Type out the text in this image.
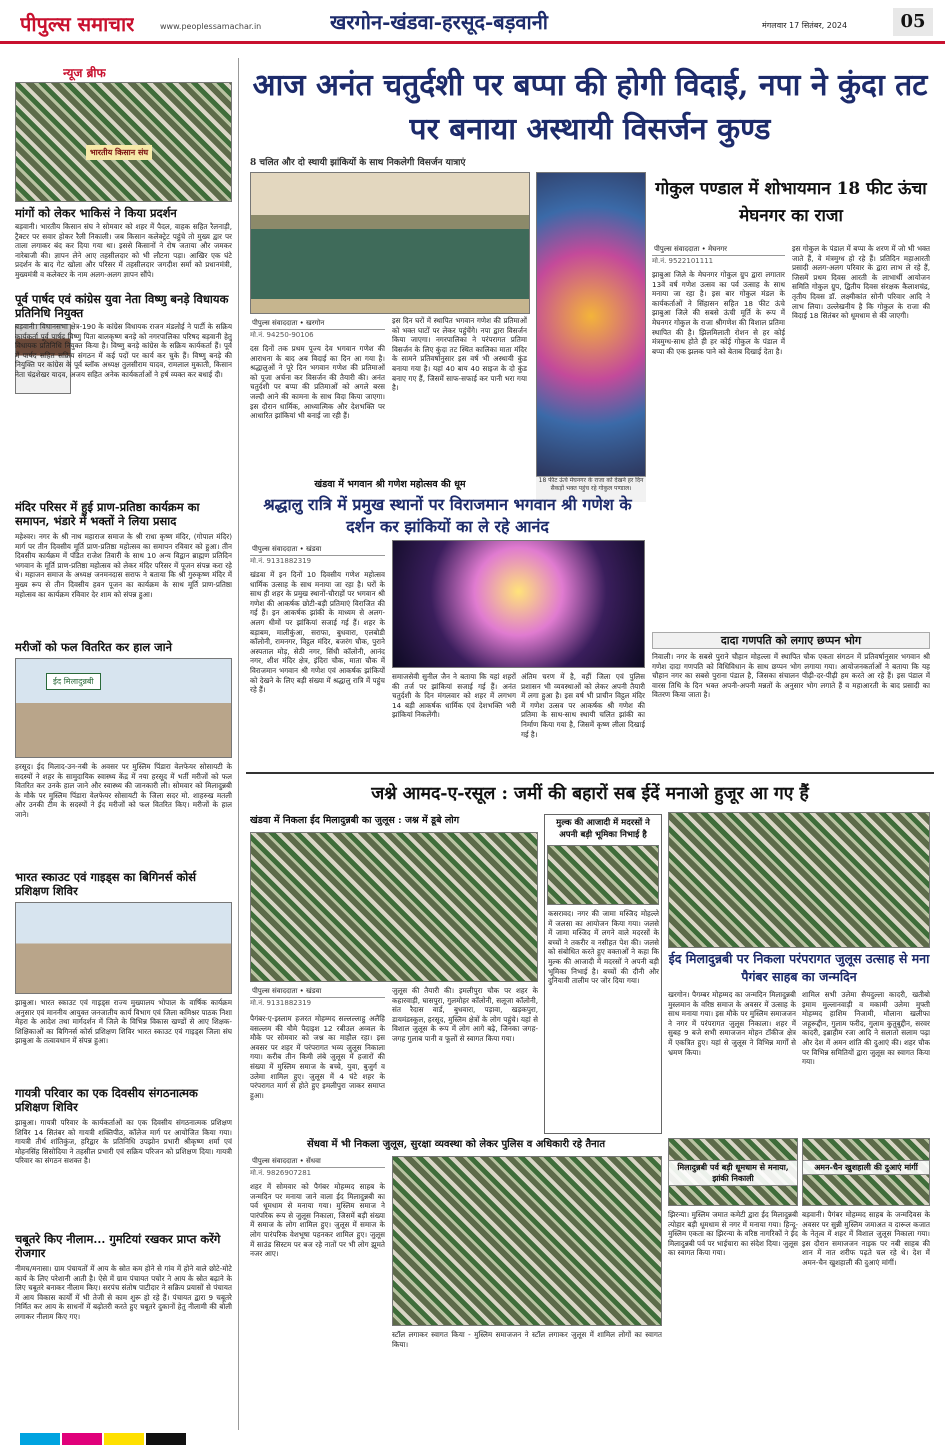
पीपुल्स समाचार	www.peoplessamachar.in	खरगोन-खंडवा-हरसूद-बड़वानी	मंगलवार 17 सितंबर, 2024	05
न्यूज ब्रीफ
भारतीय किसान संघ
मांगों को लेकर भाकिसं ने किया प्रदर्शन
बड़वानी। भारतीय किसान संघ ने सोमवार को शहर में पैदल, वाहक सहित रैलनाड़ी, ट्रैक्टर पर सवार होकर रैली निकाली। जब किसान कलेक्ट्रेट पहुंचे तो मुख्य द्वार पर ताला लगाकर बंद कर दिया गया था। इससे किसानों ने रोष जताया और जमकर नारेबाजी की। ज्ञापन लेने आए तहसीलदार को भी लौटना पड़ा। आखिर एक घंटे प्रदर्शन के बाद गेट खोला और परिसर में तहसीलदार जगदीश सर्मा को प्रधानमंत्री, मुख्यमंत्री व कलेक्टर के नाम अलग-अलग ज्ञापन सौंपे।
पूर्व पार्षद एवं कांग्रेस युवा नेता विष्णु बनड़े विधायक प्रतिनिधि नियुक्त
बड़वानी। विधानसभा क्षेत्र-190 के कांग्रेस विधायक राजन मंडलोई ने पार्टी के सक्रिय कार्यकर्ता पूर्व पार्षद विष्णु पिता बालकृष्ण बनड़े को नगरपालिका परिषद बड़वानी हेतु विधायक प्रतिनिधि नियुक्त किया है। विष्णु बनड़े कांग्रेस के सक्रिय कार्यकर्ता हैं। पूर्व में पार्षद सहित सक्रिय संगठन में कई पदों पर कार्य कर चुके हैं। विष्णु बनड़े की नियुक्ति पर कांग्रेस के पूर्व ब्लॉक अध्यक्ष तुलसीराम यादव, रामलाल मुकाती, किसान नेता चंद्रशेखर यादव, अजय सहित अनेक कार्यकर्ताओं ने हर्ष व्यक्त कर बधाई दी।
मंदिर परिसर में हुई प्राण-प्रतिष्ठा कार्यक्रम का समापन, भंडारे में भक्तों ने लिया प्रसाद
महेश्वर। नगर के श्री नाथ महाराज समाज के श्री राधा कृष्ण मंदिर, (गोपाल मंदिर) मार्ग पर तीन दिवसीय मूर्ति प्राण-प्रतिष्ठा महोत्सव का समापन रविवार को हुआ। तीन दिवसीय कार्यक्रम में पंडित राजेश तिवारी के साथ 10 अन्य विद्वान ब्राह्मण प्रतिदिन भगवान के मूर्ति प्राण-प्रतिष्ठा महोत्सव को लेकर मंदिर परिसर में पूजन संपन्न करा रहे थे। महाजन समाज के अध्यक्ष जनमनदास सराफ ने बताया कि श्री गुरुकृष्ण मंदिर में मुख्य रूप से तीन दिवसीय हवन पूजन का कार्यक्रम के साथ मूर्ति प्राण-प्रतिष्ठा महोत्सव का कार्यक्रम रविवार देर शाम को संपन्न हुआ।
मरीजों को फल वितरित कर हाल जाने
ईद मिलादुन्नबी
हरसूद। ईद मिलाद-उन-नबी के अवसर पर मुस्लिम पिंडारा वेलफेयर सोसायटी के सदस्यों ने शहर के सामुदायिक स्वास्थ्य केंद्र में नया हरसूद में भर्ती मरीजों को फल वितरित कर उनके हाल जाने और स्वास्थ्य की जानकारी ली। सोमवार को मिलादुन्नबी के मौके पर मुस्लिम पिंडारा वेलफेयर सोसायटी के जिला सदर मो. शाहरुख मतली और उनकी टीम के सदस्यों ने ईद मरीजों को फल वितरित किए। मरीजों के हाल जाने।
भारत स्काउट एवं गाइड्स का बिगिनर्स कोर्स प्रशिक्षण शिविर
झाबुआ। भारत स्काउट एवं गाइड्स राज्य मुख्यालय भोपाल के वार्षिक कार्यक्रम अनुसार एवं माननीय आयुक्त जनजातीय कार्य विभाग एवं जिला कमिश्नर पाठक निशा मेहरा के आदेश तथा मार्गदर्शन में जिले के विभिन्न विकास खण्डों से आए शिक्षक-शिक्षिकाओं का बिगिनर्स कोर्स प्रशिक्षण शिविर भारत स्काउट एवं गाइड्स जिला संघ झाबुआ के तत्वावधान में संपन्न हुआ।
गायत्री परिवार का एक दिवसीय संगठनात्मक प्रशिक्षण शिविर
झाबुआ। गायत्री परिवार के कार्यकर्ताओं का एक दिवसीय संगठनात्मक प्रशिक्षण शिविर 14 सितंबर को गायत्री शक्तिपीठ, कॉलेज मार्ग पर आयोजित किया गया। गायत्री तीर्थ शांतिकुंज, हरिद्वार के प्रतिनिधि उपझोन प्रभारी श्रीकृष्ण शर्मा एवं मोहनसिंह सिसोदिया ने तहसील प्रभारी एवं सक्रिय परिजन को प्रशिक्षण दिया। गायत्री परिवार का संगठन सशक्त है।
चबूतरे किए नीलाम... गुमटियां रखकर प्राप्त करेंगे रोजगार
नीमच/मनासा। ग्राम पंचायतों में आय के स्रोत कम होने से गांव में होने वाले छोटे-मोटे कार्य के लिए परेशानी आती है। ऐसे में ग्राम पंचायत पचोर ने आय के स्रोत बढ़ाने के लिए चबूतरे बनाकर नीलाम किए। सरपंच संतोष पाटीदार ने सक्रिय प्रयासों से पंचायत में आय विकास कार्यों में भी तेजी से काम शुरू हो रहे हैं। पंचायत द्वारा 9 चबूतरे निर्मित कर आय के साधनों में बढ़ोतरी करते हुए चबूतरे दुकानों हेतु नीलामी की बोली लगाकर नीलाम किए गए।
आज अनंत चतुर्दशी पर बप्पा की होगी विदाई, नपा ने कुंदा तट पर बनाया अस्थायी विसर्जन कुण्ड
8 चलित और दो स्थायी झांकियों के साथ निकलेगी विसर्जन यात्राएं
पीपुल्स संवाददाता • खरगोन
मो.नं. 94250-90106
दस दिनों तक प्रथम पूज्य देव भगवान गणेश की आराधना के बाद अब विदाई का दिन आ गया है। श्रद्धालुओं ने पूरे दिन भगवान गणेश की प्रतिमाओं को पूजा अर्चना कर विसर्जन की तैयारी की। अनंत चतुर्दशी पर बप्पा की प्रतिमाओं को अगले बरस जल्दी आने की कामना के साथ विदा किया जाएगा। इस दौरान धार्मिक, आध्यात्मिक और देशभक्ति पर आधारित झांकियां भी बनाई जा रही हैं।
इस दिन घरों में स्थापित भगवान गणेश की प्रतिमाओं को भक्त घाटों पर लेकर पहुंचेंगे। नपा द्वारा विसर्जन किया जाएगा। नगरपालिका ने परंपरागत प्रतिमा विसर्जन के लिए कुंदा तट स्थित कालिका माता मंदिर के सामने प्रतिवर्षानुसार इस वर्ष भी अस्थायी कुंड बनाया गया है। यहां 40 बाय 40 साइज के दो कुंड बनाए गए हैं, जिसमें साफ-सफाई कर पानी भरा गया है।
18 फीट ऊंचे मेघनगर के राजा को देखने हर दिन सैकड़ों भक्त पहुंच रहे गोकुल पण्डाल।
गोकुल पण्डाल में शोभायमान 18 फीट ऊंचा मेघनगर का राजा
पीपुल्स संवाददाता • मेघनगर
मो.नं. 9522101111
झाबुआ जिले के मेघनगर गोकुल ग्रुप द्वारा लगातार 13वें वर्ष गणेश उत्सव का पर्व उत्साह के साथ मनाया जा रहा है। इस बार गोकुल मंडल के कार्यकर्ताओं ने सिंहासन सहित 18 फीट ऊंचे झाबुआ जिले की सबसे ऊंची मूर्ति के रूप में मेघनगर गोकुल के राजा श्रीगणेश की विशाल प्रतिमा स्थापित की है। झिलमिलाती रोशन से हर कोई मंत्रमुग्ध-साथ होते ही हर कोई गोकुल के पंडाल में बप्पा की एक झलक पाने को बेताब दिखाई देता है।
इस गोकुल के पंडाल में बप्पा के शरण में जो भी भक्त जाते हैं, वे मंत्रमुग्ध हो रहे हैं। प्रतिदिन महाआरती प्रसादी अलग-अलग परिवार के द्वारा लाभ ले रहे हैं, जिसमें प्रथम दिवस आरती के लाभार्थी आयोजन समिति गोकुल ग्रुप, द्वितीय दिवस संरक्षक कैलाशचंद्र, तृतीय दिवस डॉ. लक्ष्मीकांत सोनी परिवार आदि ने लाभ लिया। उल्लेखनीय है कि गोकुल के राजा की विदाई 18 सितंबर को धूमधाम से की जाएगी।
खंडवा में भगवान श्री गणेश महोत्सव की धूम
श्रद्धालु रात्रि में प्रमुख स्थानों पर विराजमान भगवान श्री गणेश के दर्शन कर झांकियों का ले रहे आनंद
पीपुल्स संवाददाता • खंडवा
मो.नं. 9131882319
खंडवा में इन दिनों 10 दिवसीय गणेश महोत्सव धार्मिक उत्साह के साथ मनाया जा रहा है। घरों के साथ ही शहर के प्रमुख स्थानों-चौराहों पर भगवान श्री गणेश की आकर्षक छोटी-बड़ी प्रतिमाएं विराजित की गई हैं। इन आकर्षक झांकी के माध्यम से अलग-अलग धीमों पर झांकियां सजाई गई हैं। शहर के बड़ाबम, मालीकुंआ, सराफा, बुधवारा, एलबोडी कॉलोनी, रामनगर, विट्ठल मंदिर, बजरंग चौक, पुराने अस्पताल मोड़, सेठी नगर, सिंधी कॉलोनी, आनंद नगर, शीश मंदिर क्षेत्र, इंदिरा चौक, माता चौक में विराजमान भगवान श्री गणेश एवं आकर्षक झांकियों को देखने के लिए बड़ी संख्या में श्रद्धालु रात्रि में पहुंच रहे हैं।
समाजसेवी सुनील जैन ने बताया कि यहां शहरों की तर्ज पर झांकियां सजाई गई हैं। अनंत चतुर्दशी के दिन मंगलवार को शहर में लगभग 14 बड़ी आकर्षक धार्मिक एवं देशभक्ति भरी झांकियां निकलेंगी।
अंतिम चरण में है, वहीं जिला एवं पुलिस प्रशासन भी व्यवस्थाओं को लेकर अपनी तैयारी में लगा हुआ है। इस वर्ष भी प्राचीन विट्ठल मंदिर में गणेश उत्सव पर आकर्षक श्री गणेश की प्रतिमा के साथ-साथ स्थायी चलित झांकी का निर्माण किया गया है, जिसमें कृष्ण लीला दिखाई गई है।
दादा गणपति को लगाए छप्पन भोग
निवाली। नगर के सबसे पुराने चौहान मोहल्ला में स्थापित चौक एकता संगठन में प्रतिवर्षानुसार भगवान श्री गणेश दादा गणपति को विधिविधान के साथ छप्पन भोग लगाया गया। आयोजनकर्ताओं ने बताया कि यह चौहान नगर का सबसे पुराना पंडाल है, जिसका संचालन पीढ़ी-दर-पीढ़ी हम करते आ रहे हैं। इस पंडाल में वारस तिथि के दिन भक्त अपनी-अपनी मन्नतों के अनुसार भोग लगाते हैं व महाआरती के बाद प्रसादी का वितरण किया जाता है।
जश्ने आमद-ए-रसूल : जमीं की बहारों सब ईदें मनाओ हुजूर आ गए हैं
खंडवा में निकला ईद मिलादुन्नबी का जुलूस : जश्न में डूबे लोग
पीपुल्स संवाददाता • खंडवा
मो.नं. 9131882319
पैगंबर-ए-इस्लाम हजरत मोहम्मद सल्लल्लाहु अलैहि वसल्लम की यौमे पैदाइश 12 रबीउल अव्वल के मौके पर सोमवार को जश्न का माहौल रहा। इस अवसर पर शहर में परंपरागत भव्य जुलूस निकाला गया। करीब तीन किमी लंबे जुलूस में हजारों की संख्या में मुस्लिम समाज के बच्चे, युवा, बुजुर्ग व उलेमा शामिल हुए। जुलूस में 4 घंटे शहर के परंपरागत मार्ग से होते हुए इमलीपुरा जाकर समाप्त हुआ।
जुलूस की तैयारी की। इमलीपुरा चौक पर शहर के कहारवाड़ी, घासपुरा, गुलमोहर कॉलोनी, सलूजा कॉलोनी, संत रैदास वार्ड, बुधवारा, पड़ावा, खड़कपुरा, डायमंडस्कूल, हरसूद, मुस्लिम क्षेत्रों के लोग पहुंचे। यहां से विशाल जुलूस के रूप में लोग आगे बढ़े, जिनका जगह-जगह गुलाब पानी व फूलों से स्वागत किया गया।
मुल्क की आजादी में मदरसों ने अपनी बड़ी भूमिका निभाई है
कसरावद। नगर की जामा मस्जिद मोहल्ले में जलसा का आयोजन किया गया। जलसे में जामा मस्जिद में लगने वाले मदरसों के बच्चों ने तकरीर व नसीहत पेश की। जलसे को संबोधित करते हुए वक्ताओं ने कहा कि मुल्क की आजादी में मदरसों ने अपनी बड़ी भूमिका निभाई है। बच्चों की दीनी और दुनियावी तालीम पर जोर दिया गया।
ईद मिलादुन्नबी पर निकला परंपरागत जुलूस उत्साह से मना पैगंबर साहब का जन्मदिन
खरगोन। पैगम्बर मोहम्मद का जन्मदिन मिलादुन्नबी मुस्लमान के वरिष्ठ समाज के अवसर में उत्साह के साथ मनाया गया। इस मौके पर मुस्लिम समाजजन ने नगर में परंपरागत जुलूस निकाला। शहर में सुबह 9 बजे सभी समाजजन मोहन टॉकीज क्षेत्र में एकत्रित हुए। यहां से जुलूस ने विभिन्न मार्गों से भ्रमण किया।
शामिल सभी उलेमा सैयदुल्ला कादरी, खतीबो इमाम मुल्लानवाड़ी व मकामी उलेमा मुफ्ती मोहम्मद हाशिम निजामी, मौलाना खलीफा जहूरूद्दीन, गुलाम फरीद, गुलाम कुतुबुद्दीन, सरवर कादरी, इब्राहीम रजा आदि ने सलातो सलाम पढ़ा और देश में अमन शांति की दुआएं की। शहर चौक पर विभिन्न समितियों द्वारा जुलूस का स्वागत किया गया।
मिलादुन्नबी पर्व बड़ी धूमधाम से मनाया, झांकी निकाली
अमन-चैन खुशहाली की दुआएं मांगीं
झिरन्या। मुस्लिम जमात कमेटी द्वारा ईद मिलादुन्नबी त्योहार बड़ी धूमधाम से नगर में मनाया गया। हिन्दू-मुस्लिम एकता का झिरन्या के वरिष्ठ नागरिकों ने ईद मिलादुन्नबी पर्व पर भाईचारा का संदेश दिया। जुलूस का स्वागत किया गया।
बड़वानी। पैगंबर मोहम्मद साहब के जन्मदिवस के अवसर पर सुन्नी मुस्लिम जमाअत व दारूल कजात के नेतृत्व में शहर में विशाल जुलूस निकाला गया। इस दौरान समाजजन नाइक पर नबी साहब की शान में नात शरीफ पढ़ते चल रहे थे। देश में अमन-चैन खुशहाली की दुआएं मांगीं।
सेंधवा में भी निकला जुलूस, सुरक्षा व्यवस्था को लेकर पुलिस व अधिकारी रहे तैनात
पीपुल्स संवाददाता • सेंधवा
मो.नं. 9826907281
शहर में सोमवार को पैगंबर मोहम्मद साहब के जन्मदिन पर मनाया जाने वाला ईद मिलादुन्नबी का पर्व धूमधाम से मनाया गया। मुस्लिम समाज ने पारंपरिक रूप से जुलूस निकाला, जिसमें बड़ी संख्या में समाज के लोग शामिल हुए। जुलूस में समाज के लोग पारंपरिक वेशभूषा पहनकर शामिल हुए। जुलूस में साउंड सिस्टम पर बज रहे नातों पर भी लोग झूमते नजर आए।
स्टॉल लगाकर स्वागत किया - मुस्लिम समाजजन ने स्टॉल लगाकर जुलूस में शामिल लोगों का स्वागत किया।
